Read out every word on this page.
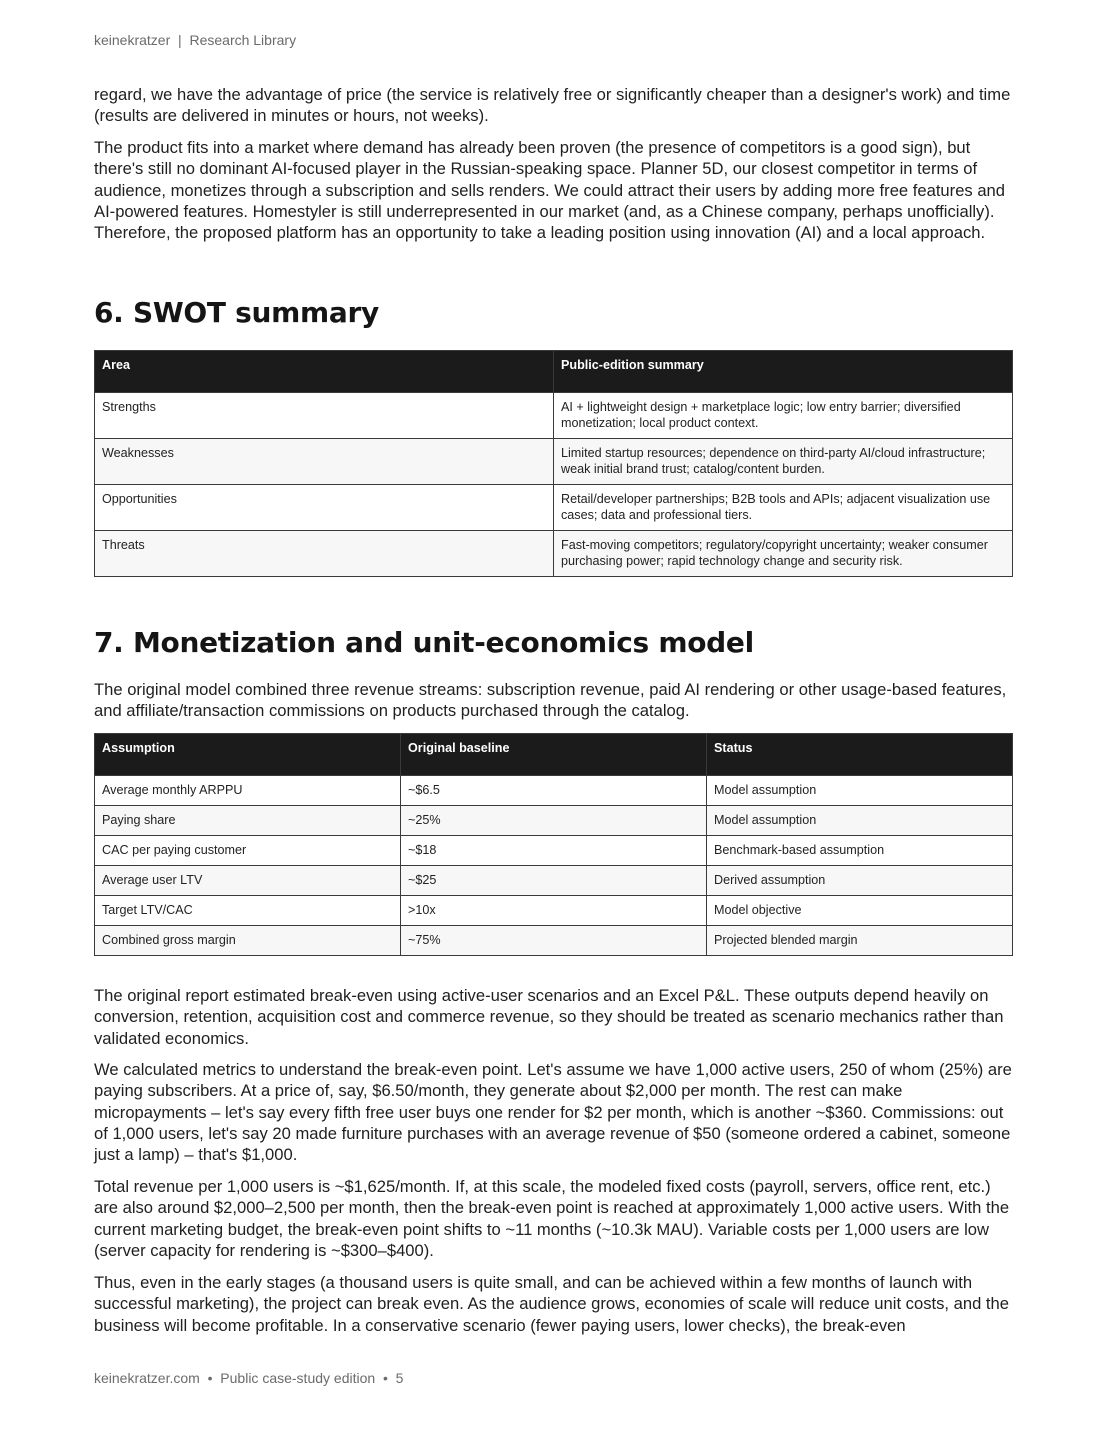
keinekratzer | Research Library

regard, we have the advantage of price (the service is relatively free or significantly cheaper than a designer's work) and time (results are delivered in minutes or hours, not weeks).

The product fits into a market where demand has already been proven (the presence of competitors is a good sign), but there's still no dominant AI-focused player in the Russian-speaking space. Planner 5D, our closest competitor in terms of audience, monetizes through a subscription and sells renders. We could attract their users by adding more free features and AI-powered features. Homestyler is still underrepresented in our market (and, as a Chinese company, perhaps unofficially). Therefore, the proposed platform has an opportunity to take a leading position using innovation (AI) and a local approach.

6. SWOT summary
Area	Public-edition summary
Strengths	AI + lightweight design + marketplace logic; low entry barrier; diversified monetization; local product context.
Weaknesses	Limited startup resources; dependence on third-party AI/cloud infrastructure; weak initial brand trust; catalog/content burden.
Opportunities	Retail/developer partnerships; B2B tools and APIs; adjacent visualization use cases; data and professional tiers.
Threats	Fast-moving competitors; regulatory/copyright uncertainty; weaker consumer purchasing power; rapid technology change and security risk.
7. Monetization and unit-economics model

The original model combined three revenue streams: subscription revenue, paid AI rendering or other usage-based features, and affiliate/transaction commissions on products purchased through the catalog.

Assumption	Original baseline	Status
Average monthly ARPPU	~$6.5	Model assumption
Paying share	~25%	Model assumption
CAC per paying customer	~$18	Benchmark-based assumption
Average user LTV	~$25	Derived assumption
Target LTV/CAC	>10x	Model objective
Combined gross margin	~75%	Projected blended margin

The original report estimated break-even using active-user scenarios and an Excel P&L. These outputs depend heavily on conversion, retention, acquisition cost and commerce revenue, so they should be treated as scenario mechanics rather than validated economics.

We calculated metrics to understand the break-even point. Let's assume we have 1,000 active users, 250 of whom (25%) are paying subscribers. At a price of, say, $6.50/month, they generate about $2,000 per month. The rest can make micropayments – let's say every fifth free user buys one render for $2 per month, which is another ~$360. Commissions: out of 1,000 users, let's say 20 made furniture purchases with an average revenue of $50 (someone ordered a cabinet, someone just a lamp) – that's $1,000.

Total revenue per 1,000 users is ~$1,625/month. If, at this scale, the modeled fixed costs (payroll, servers, office rent, etc.) are also around $2,000–2,500 per month, then the break-even point is reached at approximately 1,000 active users. With the current marketing budget, the break-even point shifts to ~11 months (~10.3k MAU). Variable costs per 1,000 users are low (server capacity for rendering is ~$300–$400).

Thus, even in the early stages (a thousand users is quite small, and can be achieved within a few months of launch with successful marketing), the project can break even. As the audience grows, economies of scale will reduce unit costs, and the business will become profitable. In a conservative scenario (fewer paying users, lower checks), the break-even

keinekratzer.com • Public case-study edition • 5
